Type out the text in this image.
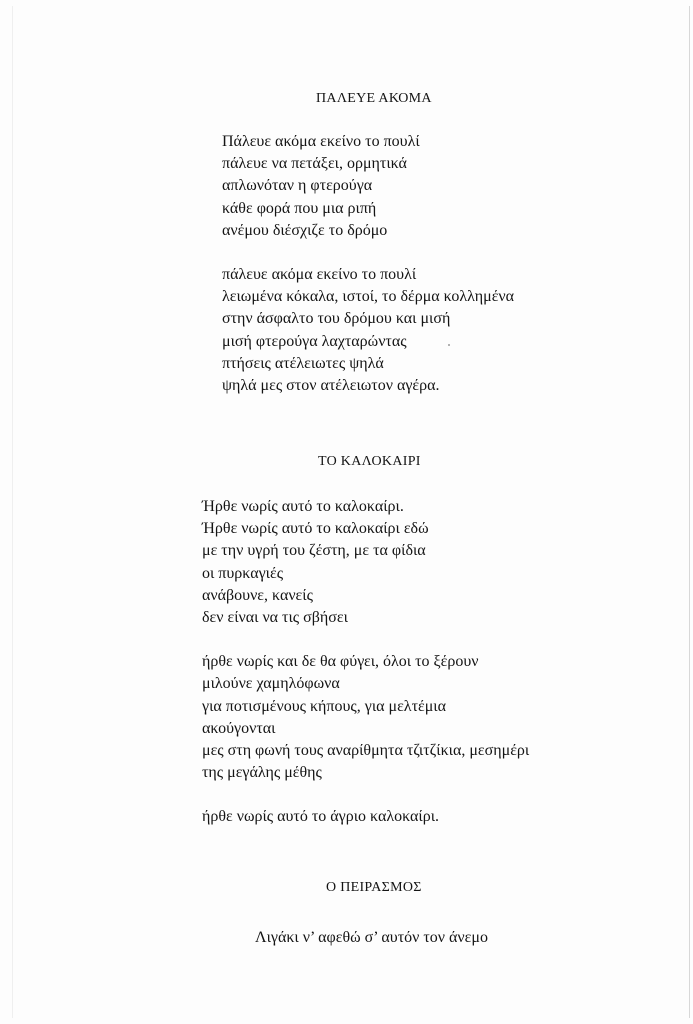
ΠΑΛΕΥΕ ΑΚΟΜΑ
Πάλευε ακόμα εκείνο το πουλί
πάλευε να πετάξει, ορμητικά
απλωνόταν η φτερούγα
κάθε φορά που μια ριπή
ανέμου διέσχιζε το δρόμο
πάλευε ακόμα εκείνο το πουλί
λειωμένα κόκαλα, ιστοί, το δέρμα κολλημένα
στην άσφαλτο του δρόμου και μισή
μισή φτερούγα λαχταρώντας
πτήσεις ατέλειωτες ψηλά
ψηλά μες στον ατέλειωτον αγέρα.
ΤΟ ΚΑΛΟΚΑΙΡΙ
Ήρθε νωρίς αυτό το καλοκαίρι.
Ήρθε νωρίς αυτό το καλοκαίρι εδώ
με την υγρή του ζέστη, με τα φίδια
οι πυρκαγιές
ανάβουνε, κανείς
δεν είναι να τις σβήσει
ήρθε νωρίς και δε θα φύγει, όλοι το ξέρουν
μιλούνε χαμηλόφωνα
για ποτισμένους κήπους, για μελτέμια
ακούγονται
μες στη φωνή τους αναρίθμητα τζιτζίκια, μεσημέρι
της μεγάλης μέθης
ήρθε νωρίς αυτό το άγριο καλοκαίρι.
Ο ΠΕΙΡΑΣΜΟΣ
Λιγάκι ν’ αφεθώ σ’ αυτόν τον άνεμο
